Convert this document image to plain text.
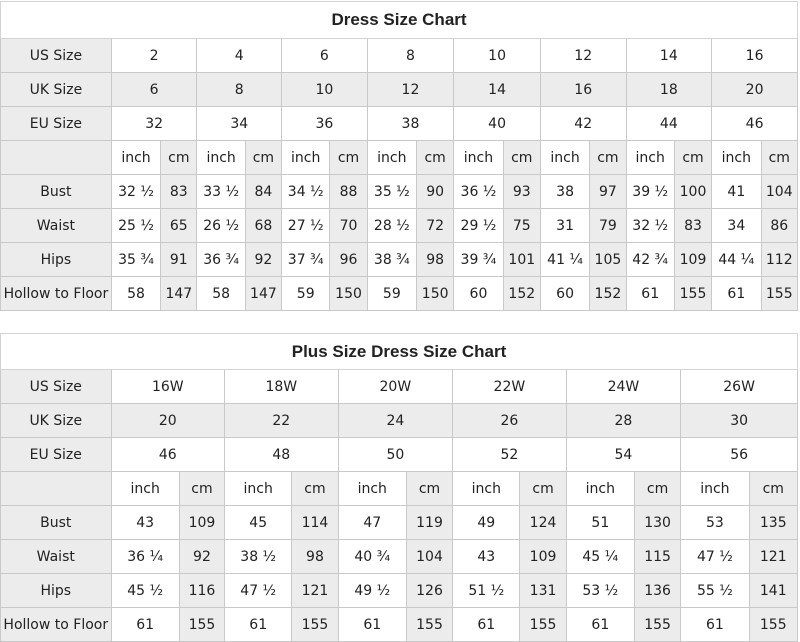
Dress Size Chart																
US Size	2		4		6		8		10		12		14		16	
UK Size	6		8		10		12		14		16		18		20	
EU Size	32		34		36		38		40		42		44		46	
	inch	cm	inch	cm	inch	cm	inch	cm	inch	cm	inch	cm	inch	cm	inch	cm
Bust	32 ½	83	33 ½	84	34 ½	88	35 ½	90	36 ½	93	38	97	39 ½	100	41	104
Waist	25 ½	65	26 ½	68	27 ½	70	28 ½	72	29 ½	75	31	79	32 ½	83	34	86
Hips	35 ¾	91	36 ¾	92	37 ¾	96	38 ¾	98	39 ¾	101	41 ¼	105	42 ¾	109	44 ¼	112
Hollow to Floor	58	147	58	147	59	150	59	150	60	152	60	152	61	155	61	155
Plus Size Dress Size Chart												
US Size	16W		18W		20W		22W		24W		26W	
UK Size	20		22		24		26		28		30	
EU Size	46		48		50		52		54		56	
	inch	cm	inch	cm	inch	cm	inch	cm	inch	cm	inch	cm
Bust	43	109	45	114	47	119	49	124	51	130	53	135
Waist	36 ¼	92	38 ½	98	40 ¾	104	43	109	45 ¼	115	47 ½	121
Hips	45 ½	116	47 ½	121	49 ½	126	51 ½	131	53 ½	136	55 ½	141
Hollow to Floor	61	155	61	155	61	155	61	155	61	155	61	155
